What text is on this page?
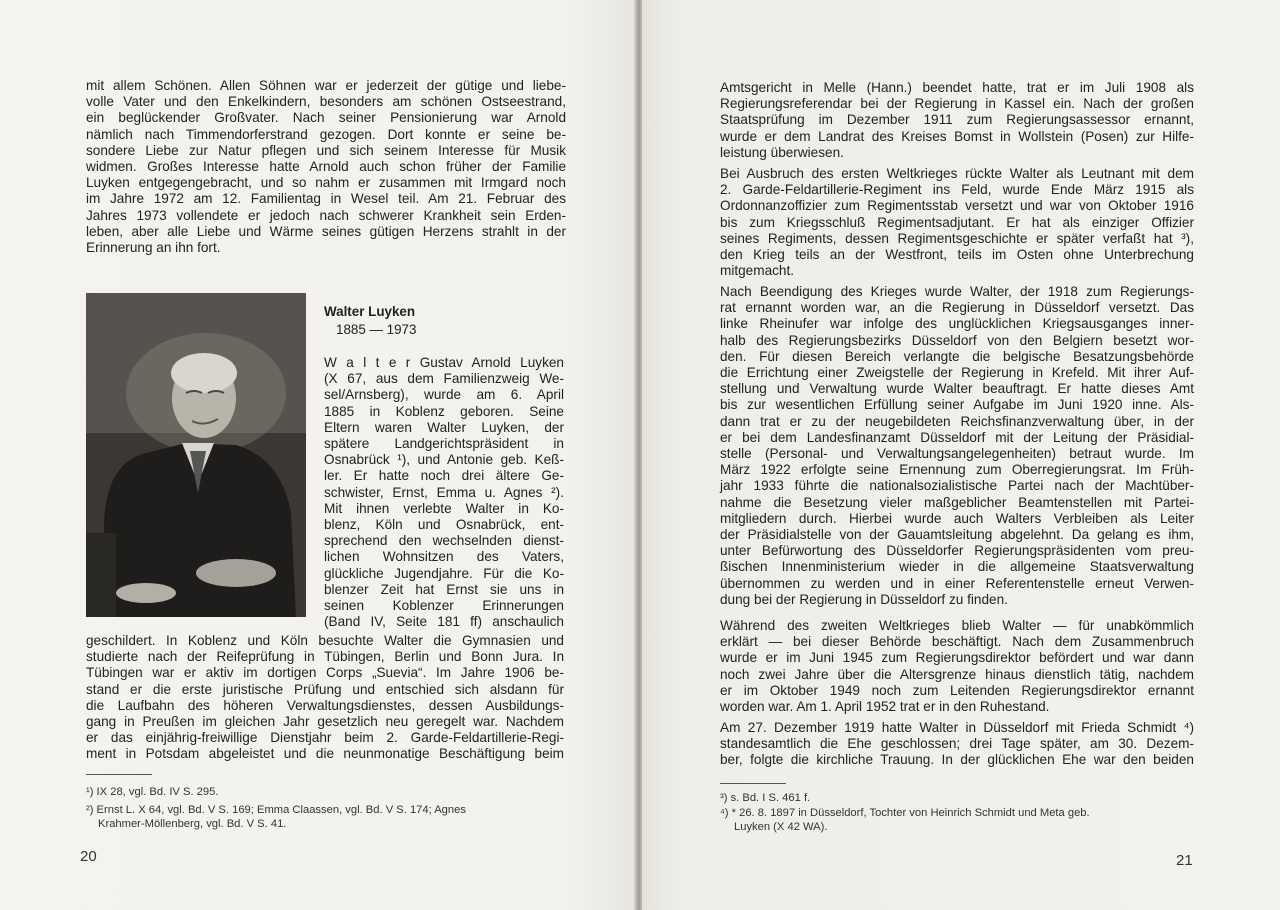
mit allem Schönen. Allen Söhnen war er jederzeit der gütige und liebe-
volle Vater und den Enkelkindern, besonders am schönen Ostseestrand,
ein beglückender Großvater. Nach seiner Pensionierung war Arnold
nämlich nach Timmendorferstrand gezogen. Dort konnte er seine be-
sondere Liebe zur Natur pflegen und sich seinem Interesse für Musik
widmen. Großes Interesse hatte Arnold auch schon früher der Familie
Luyken entgegengebracht, und so nahm er zusammen mit Irmgard noch
im Jahre 1972 am 12. Familientag in Wesel teil. Am 21. Februar des
Jahres 1973 vollendete er jedoch nach schwerer Krankheit sein Erden-
leben, aber alle Liebe und Wärme seines gütigen Herzens strahlt in der
Erinnerung an ihn fort.
Walter Luyken
1885 — 1973
W a l t e r Gustav Arnold Luyken
(X 67, aus dem Familienzweig We-
sel/Arnsberg), wurde am 6. April
1885 in Koblenz geboren. Seine
Eltern waren Walter Luyken, der
spätere Landgerichtspräsident in
Osnabrück ¹), und Antonie geb. Keß-
ler. Er hatte noch drei ältere Ge-
schwister, Ernst, Emma u. Agnes ²).
Mit ihnen verlebte Walter in Ko-
blenz, Köln und Osnabrück, ent-
sprechend den wechselnden dienst-
lichen Wohnsitzen des Vaters,
glückliche Jugendjahre. Für die Ko-
blenzer Zeit hat Ernst sie uns in
seinen Koblenzer Erinnerungen
(Band IV, Seite 181 ff) anschaulich
geschildert. In Koblenz und Köln besuchte Walter die Gymnasien und
studierte nach der Reifeprüfung in Tübingen, Berlin und Bonn Jura. In
Tübingen war er aktiv im dortigen Corps „Suevia“. Im Jahre 1906 be-
stand er die erste juristische Prüfung und entschied sich alsdann für
die Laufbahn des höheren Verwaltungsdienstes, dessen Ausbildungs-
gang in Preußen im gleichen Jahr gesetzlich neu geregelt war. Nachdem
er das einjährig-freiwillige Dienstjahr beim 2. Garde-Feldartillerie-Regi-
ment in Potsdam abgeleistet und die neunmonatige Beschäftigung beim
¹) IX 28, vgl. Bd. IV S. 295.
²) Ernst L. X 64, vgl. Bd. V S. 169; Emma Claassen, vgl. Bd. V S. 174; Agnes
Krahmer-Möllenberg, vgl. Bd. V S. 41.
20
Amtsgericht in Melle (Hann.) beendet hatte, trat er im Juli 1908 als
Regierungsreferendar bei der Regierung in Kassel ein. Nach der großen
Staatsprüfung im Dezember 1911 zum Regierungsassessor ernannt,
wurde er dem Landrat des Kreises Bomst in Wollstein (Posen) zur Hilfe-
leistung überwiesen.
Bei Ausbruch des ersten Weltkrieges rückte Walter als Leutnant mit dem
2. Garde-Feldartillerie-Regiment ins Feld, wurde Ende März 1915 als
Ordonnanzoffizier zum Regimentsstab versetzt und war von Oktober 1916
bis zum Kriegsschluß Regimentsadjutant. Er hat als einziger Offizier
seines Regiments, dessen Regimentsgeschichte er später verfaßt hat ³),
den Krieg teils an der Westfront, teils im Osten ohne Unterbrechung
mitgemacht.
Nach Beendigung des Krieges wurde Walter, der 1918 zum Regierungs-
rat ernannt worden war, an die Regierung in Düsseldorf versetzt. Das
linke Rheinufer war infolge des unglücklichen Kriegsausganges inner-
halb des Regierungsbezirks Düsseldorf von den Belgiern besetzt wor-
den. Für diesen Bereich verlangte die belgische Besatzungsbehörde
die Errichtung einer Zweigstelle der Regierung in Krefeld. Mit ihrer Auf-
stellung und Verwaltung wurde Walter beauftragt. Er hatte dieses Amt
bis zur wesentlichen Erfüllung seiner Aufgabe im Juni 1920 inne. Als-
dann trat er zu der neugebildeten Reichsfinanzverwaltung über, in der
er bei dem Landesfinanzamt Düsseldorf mit der Leitung der Präsidial-
stelle (Personal- und Verwaltungsangelegenheiten) betraut wurde. Im
März 1922 erfolgte seine Ernennung zum Oberregierungsrat. Im Früh-
jahr 1933 führte die nationalsozialistische Partei nach der Machtüber-
nahme die Besetzung vieler maßgeblicher Beamtenstellen mit Partei-
mitgliedern durch. Hierbei wurde auch Walters Verbleiben als Leiter
der Präsidialstelle von der Gauamtsleitung abgelehnt. Da gelang es ihm,
unter Befürwortung des Düsseldorfer Regierungspräsidenten vom preu-
ßischen Innenministerium wieder in die allgemeine Staatsverwaltung
übernommen zu werden und in einer Referentenstelle erneut Verwen-
dung bei der Regierung in Düsseldorf zu finden.
Während des zweiten Weltkrieges blieb Walter — für unabkömmlich
erklärt — bei dieser Behörde beschäftigt. Nach dem Zusammenbruch
wurde er im Juni 1945 zum Regierungsdirektor befördert und war dann
noch zwei Jahre über die Altersgrenze hinaus dienstlich tätig, nachdem
er im Oktober 1949 noch zum Leitenden Regierungsdirektor ernannt
worden war. Am 1. April 1952 trat er in den Ruhestand.
Am 27. Dezember 1919 hatte Walter in Düsseldorf mit Frieda Schmidt ⁴)
standesamtlich die Ehe geschlossen; drei Tage später, am 30. Dezem-
ber, folgte die kirchliche Trauung. In der glücklichen Ehe war den beiden
³) s. Bd. I S. 461 f.
⁴) * 26. 8. 1897 in Düsseldorf, Tochter von Heinrich Schmidt und Meta geb.
Luyken (X 42 WA).
21
